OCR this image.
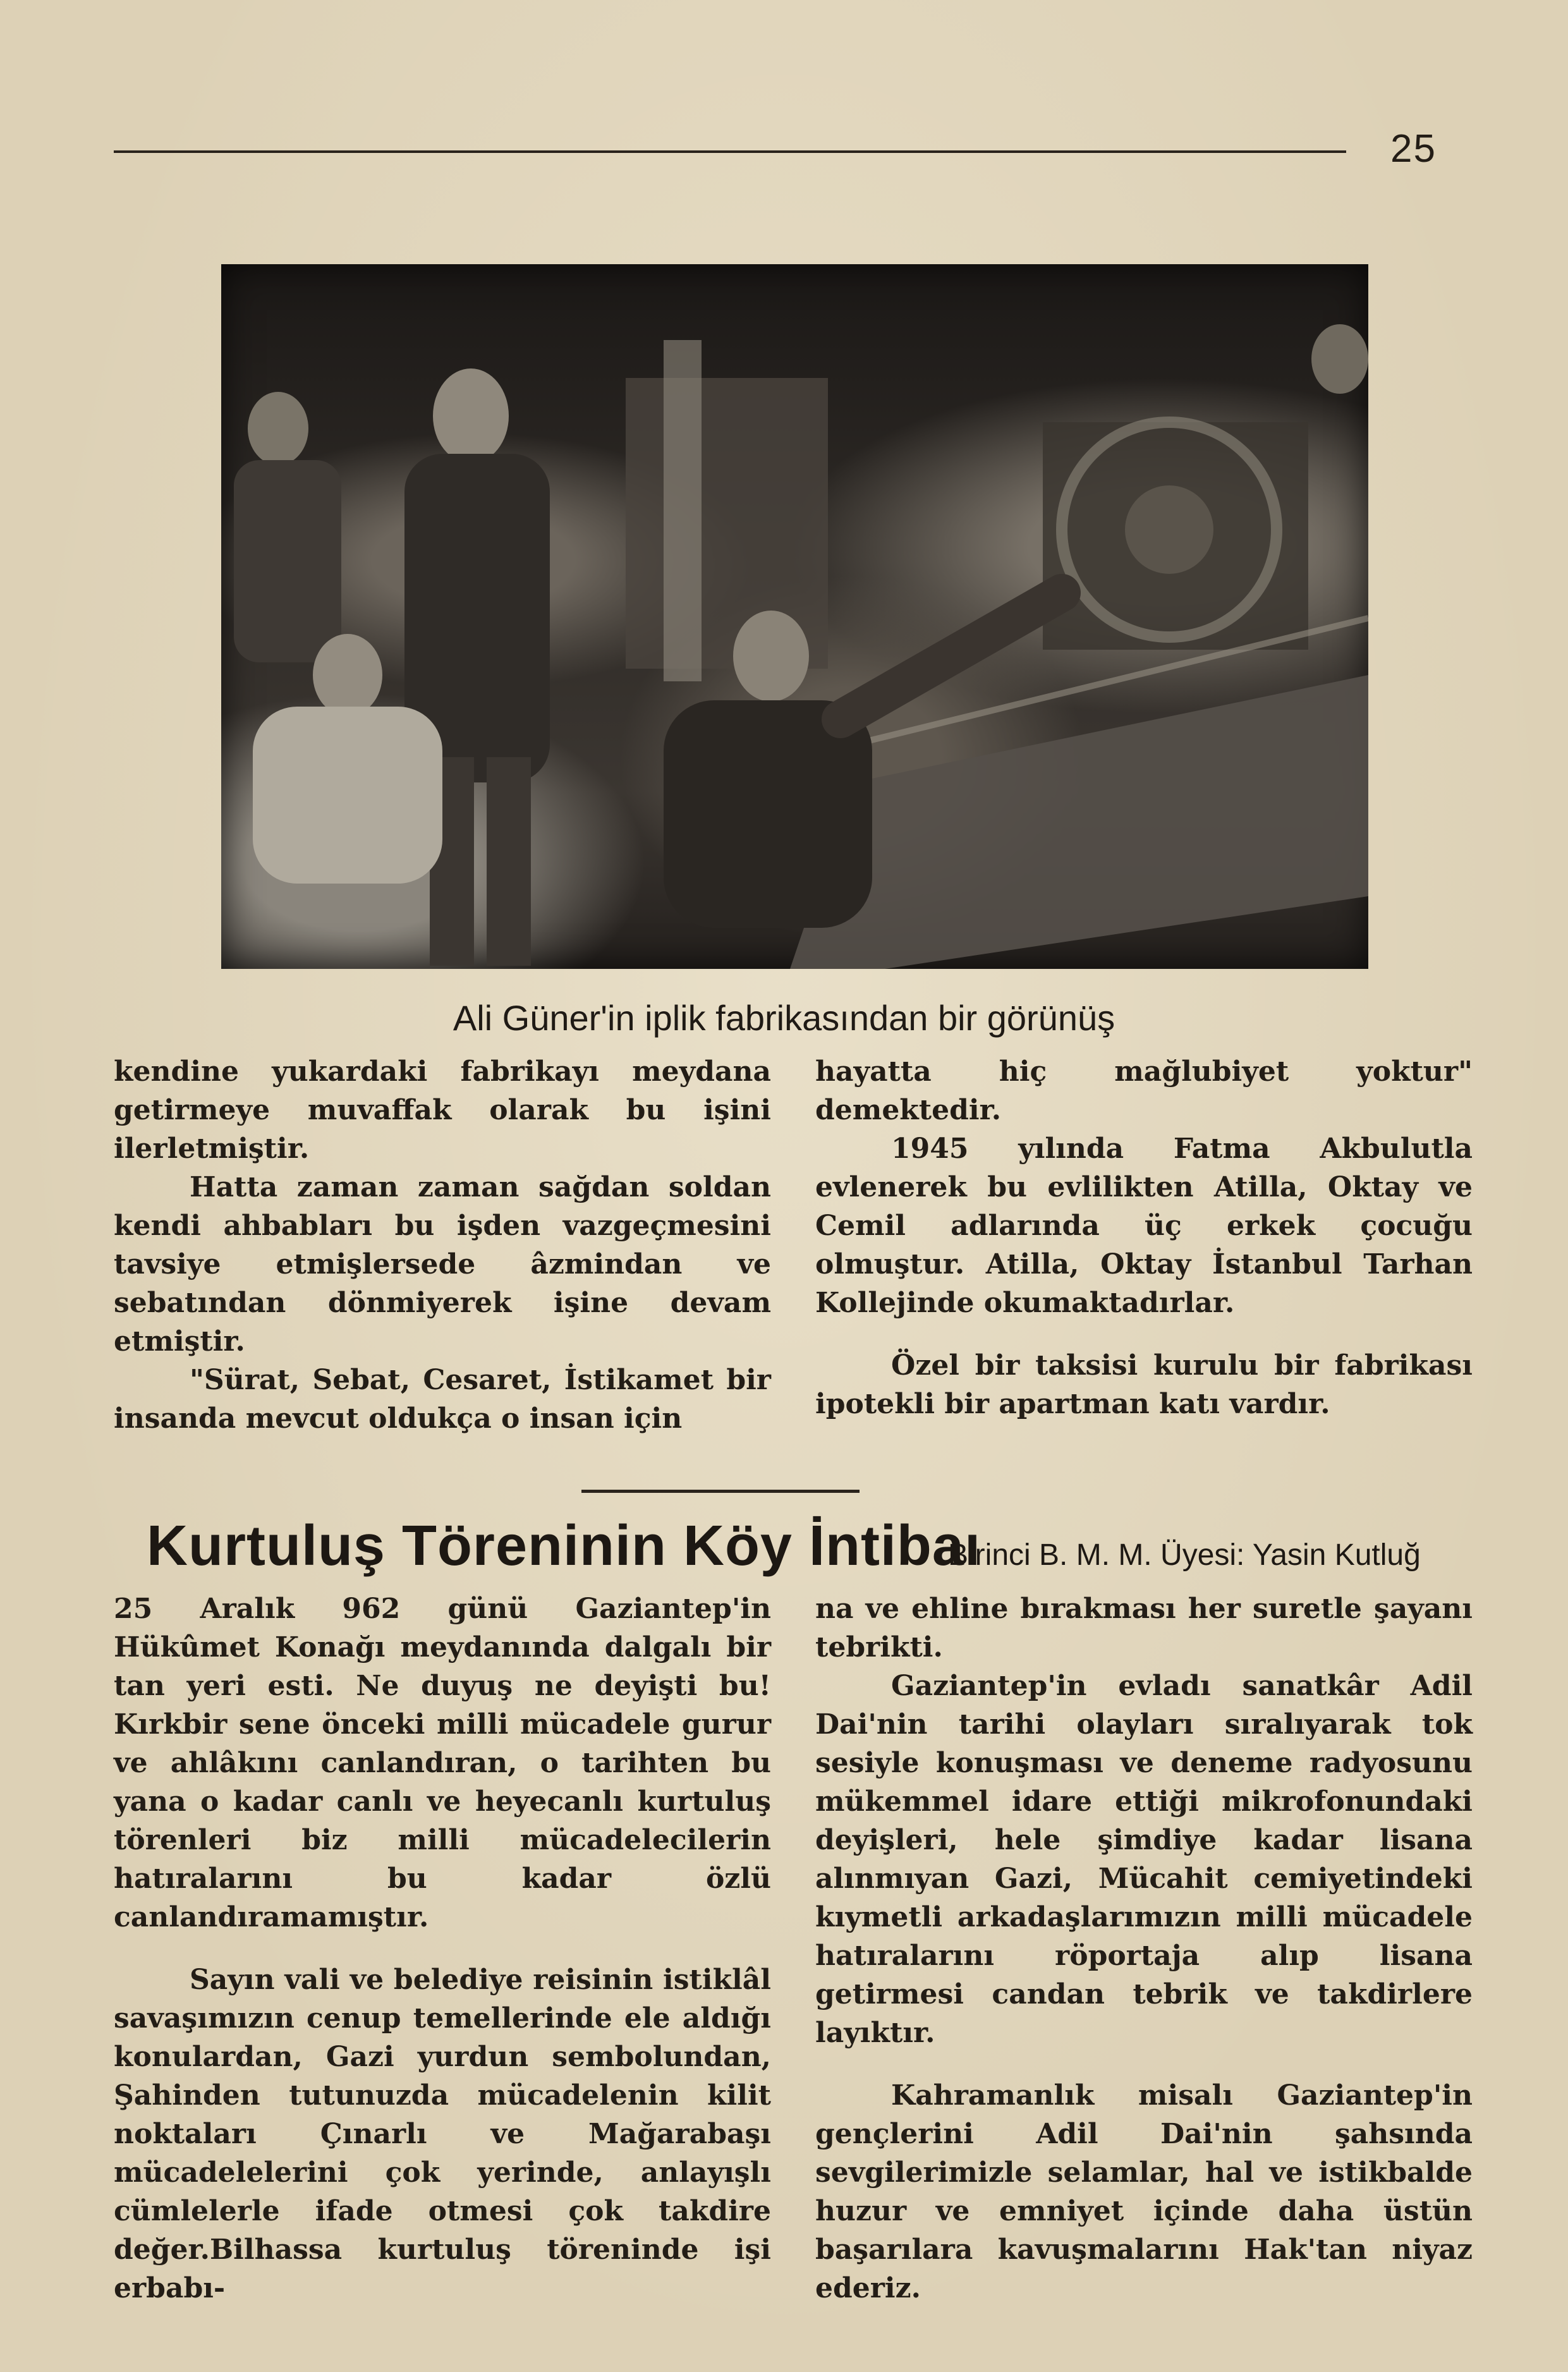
25
Ali Güner'in iplik fabrikasından bir görünüş

kendine yukardaki fabrikayı meydana getirmeye muvaffak olarak bu işini ilerletmiştir.

Hatta zaman zaman sağdan soldan kendi ahbabları bu işden vazgeçmesini tavsiye etmişlersede âzmindan ve sebatından dönmiyerek işine devam etmiştir.

"Sürat, Sebat, Cesaret, İstikamet bir insanda mevcut oldukça o insan için

hayatta hiç mağlubiyet yoktur" demektedir.

1945 yılında Fatma Akbulutla evlenerek bu evlilikten Atilla, Oktay ve Cemil adlarında üç erkek çocuğu olmuştur. Atilla, Oktay İstanbul Tarhan Kollejinde okumaktadırlar.

Özel bir taksisi kurulu bir fabrikası ipotekli bir apartman katı vardır.

Kurtuluş Töreninin Köy İntibaı
Birinci B. M. M. Üyesi: Yasin Kutluğ

25 Aralık 962 günü Gaziantep'in Hükûmet Konağı meydanında dalgalı bir tan yeri esti. Ne duyuş ne deyişti bu! Kırkbir sene önceki milli mücadele gurur ve ahlâkını canlandıran, o tarihten bu yana o kadar canlı ve heyecanlı kurtuluş törenleri biz milli mücadelecilerin hatıralarını bu kadar özlü canlandıramamıştır.

Sayın vali ve belediye reisinin istiklâl savaşımızın cenup temellerinde ele aldığı konulardan, Gazi yurdun sembolundan, Şahinden tutunuzda mücadelenin kilit noktaları Çınarlı ve Mağarabaşı mücadelelerini çok yerinde, anlayışlı cümlelerle ifade otmesi çok takdire değer.Bilhassa kurtuluş töreninde işi erbabı-

na ve ehline bırakması her suretle şayanı tebrikti.

Gaziantep'in evladı sanatkâr Adil Dai'nin tarihi olayları sıralıyarak tok sesiyle konuşması ve deneme radyosunu mükemmel idare ettiği mikrofonundaki deyişleri, hele şimdiye kadar lisana alınmıyan Gazi, Mücahit cemiyetindeki kıymetli arkadaşlarımızın milli mücadele hatıralarını röportaja alıp lisana getirmesi candan tebrik ve takdirlere layıktır.

Kahramanlık misalı Gaziantep'in gençlerini Adil Dai'nin şahsında sevgilerimizle selamlar, hal ve istikbalde huzur ve emniyet içinde daha üstün başarılara kavuşmalarını Hak'tan niyaz ederiz.
